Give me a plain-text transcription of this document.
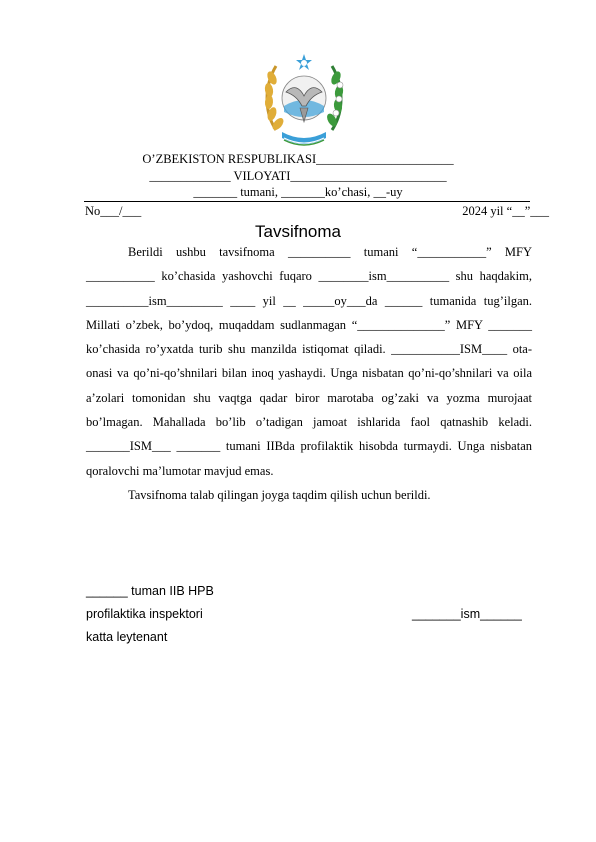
O’ZBEKISTON RESPUBLIKASI______________________
_____________ VILOYATI_________________________
_______ tumani, _______ko’chasi, __-uy
No___/___	2024 yil “__”___
Tavsifnoma

Berildi ushbu tavsifnoma __________ tumani “___________” MFY ___________ ko’chasida yashovchi fuqaro ________ism__________ shu haqdakim, __________ism_________ ____ yil __ _____oy___da ______ tumanida tug’ilgan. Millati o’zbek, bo’ydoq, muqaddam sudlanmagan “______________” MFY _______ ko’chasida ro’yxatda turib shu manzilda istiqomat qiladi. ___________ISM____ ota-onasi va qo’ni-qo’shnilari bilan inoq yashaydi. Unga nisbatan qo’ni-qo’shnilari va oila a’zolari tomonidan shu vaqtga qadar biror marotaba og’zaki va yozma murojaat bo’lmagan. Mahallada bo’lib o’tadigan jamoat ishlarida faol qatnashib keladi. _______ISM___ _______ tumani IIBda profilaktik hisobda turmaydi. Unga nisbatan qoralovchi ma’lumotar mavjud emas.

Tavsifnoma talab qilingan joyga taqdim qilish uchun berildi.

______ tuman IIB HPB
profilaktika inspektori
katta leytenant
_______ism______
